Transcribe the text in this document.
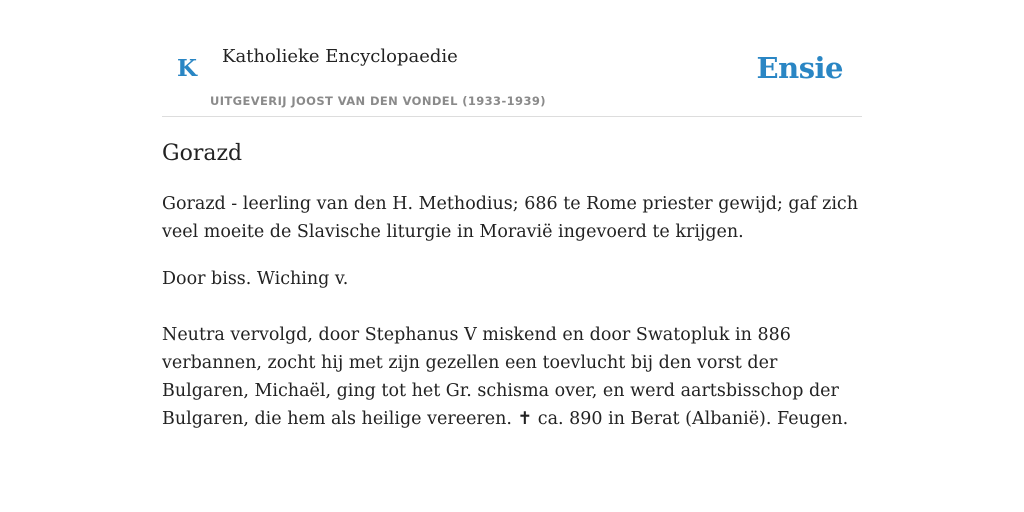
K Katholieke Encyclopaedie
UITGEVERIJ JOOST VAN DEN VONDEL (1933-1939)
Ensie
Gorazd

Gorazd - leerling van den H. Methodius; 686 te Rome priester gewijd; gaf zich veel moeite de Slavische liturgie in Moravië ingevoerd te krijgen.

Door biss. Wiching v.

Neutra vervolgd, door Stephanus V miskend en door Swatopluk in 886 verbannen, zocht hij met zijn gezellen een toevlucht bij den vorst der Bulgaren, Michaël, ging tot het Gr. schisma over, en werd aartsbisschop der Bulgaren, die hem als heilige vereeren. ✝ ca. 890 in Berat (Albanië). Feugen.
